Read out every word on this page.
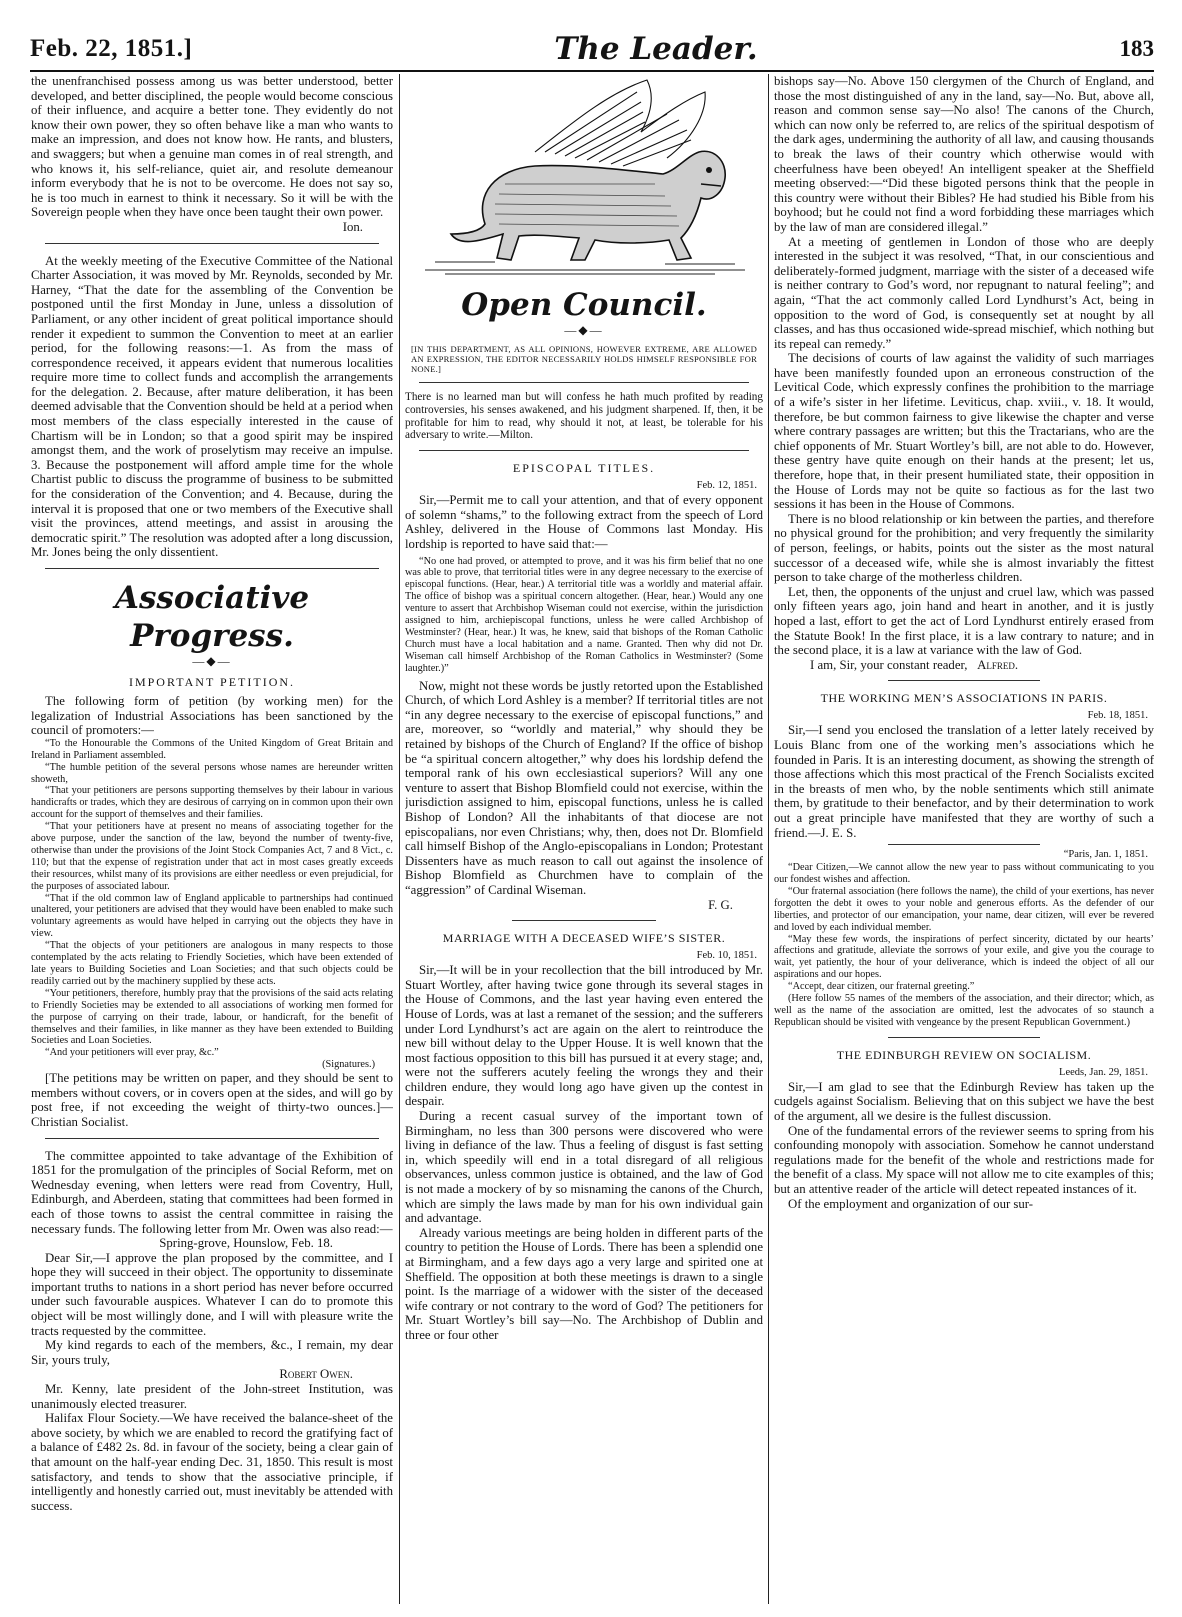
Feb. 22, 1851.]	The Leader.	183

the unenfranchised possess among us was better understood, better developed, and better disciplined, the people would become conscious of their influence, and acquire a better tone. They evidently do not know their own power, they so often behave like a man who wants to make an impression, and does not know how. He rants, and blusters, and swaggers; but when a genuine man comes in of real strength, and who knows it, his self-reliance, quiet air, and resolute demeanour inform everybody that he is not to be overcome. He does not say so, he is too much in earnest to think it necessary. So it will be with the Sovereign people when they have once been taught their own power.

Ion.

At the weekly meeting of the Executive Committee of the National Charter Association, it was moved by Mr. Reynolds, seconded by Mr. Harney, “That the date for the assembling of the Convention be postponed until the first Monday in June, unless a dissolution of Parliament, or any other incident of great political importance should render it expedient to summon the Convention to meet at an earlier period, for the following reasons:—1. As from the mass of correspondence received, it appears evident that numerous localities require more time to collect funds and accomplish the arrangements for the delegation. 2. Because, after mature deliberation, it has been deemed advisable that the Convention should be held at a period when most members of the class especially interested in the cause of Chartism will be in London; so that a good spirit may be inspired amongst them, and the work of proselytism may receive an impulse. 3. Because the postponement will afford ample time for the whole Chartist public to discuss the programme of business to be submitted for the consideration of the Convention; and 4. Because, during the interval it is proposed that one or two members of the Executive shall visit the provinces, attend meetings, and assist in arousing the democratic spirit.” The resolution was adopted after a long discussion, Mr. Jones being the only dissentient.

Associative Progress.
—◆—
IMPORTANT PETITION.

The following form of petition (by working men) for the legalization of Industrial Associations has been sanctioned by the council of promoters:—

“To the Honourable the Commons of the United Kingdom of Great Britain and Ireland in Parliament assembled.

“The humble petition of the several persons whose names are hereunder written showeth,

“That your petitioners are persons supporting themselves by their labour in various handicrafts or trades, which they are desirous of carrying on in common upon their own account for the support of themselves and their families.

“That your petitioners have at present no means of associating together for the above purpose, under the sanction of the law, beyond the number of twenty-five, otherwise than under the provisions of the Joint Stock Companies Act, 7 and 8 Vict., c. 110; but that the expense of registration under that act in most cases greatly exceeds their resources, whilst many of its provisions are either needless or even prejudicial, for the purposes of associated labour.

“That if the old common law of England applicable to partnerships had continued unaltered, your petitioners are advised that they would have been enabled to make such voluntary agreements as would have helped in carrying out the objects they have in view.

“That the objects of your petitioners are analogous in many respects to those contemplated by the acts relating to Friendly Societies, which have been extended of late years to Building Societies and Loan Societies; and that such objects could be readily carried out by the machinery supplied by these acts.

“Your petitioners, therefore, humbly pray that the provisions of the said acts relating to Friendly Societies may be extended to all associations of working men formed for the purpose of carrying on their trade, labour, or handicraft, for the benefit of themselves and their families, in like manner as they have been extended to Building Societies and Loan Societies.

“And your petitioners will ever pray, &c.”

(Signatures.)

[The petitions may be written on paper, and they should be sent to members without covers, or in covers open at the sides, and will go by post free, if not exceeding the weight of thirty-two ounces.]—Christian Socialist.

The committee appointed to take advantage of the Exhibition of 1851 for the promulgation of the principles of Social Reform, met on Wednesday evening, when letters were read from Coventry, Hull, Edinburgh, and Aberdeen, stating that committees had been formed in each of those towns to assist the central committee in raising the necessary funds. The following letter from Mr. Owen was also read:—

Spring-grove, Hounslow, Feb. 18.

Dear Sir,—I approve the plan proposed by the committee, and I hope they will succeed in their object. The opportunity to disseminate important truths to nations in a short period has never before occurred under such favourable auspices. Whatever I can do to promote this object will be most willingly done, and I will with pleasure write the tracts requested by the committee.

My kind regards to each of the members, &c., I remain, my dear Sir, yours truly,

Robert Owen.

Mr. Kenny, late president of the John-street Institution, was unanimously elected treasurer.

Halifax Flour Society.—We have received the balance-sheet of the above society, by which we are enabled to record the gratifying fact of a balance of £482 2s. 8d. in favour of the society, being a clear gain of that amount on the half-year ending Dec. 31, 1850. This result is most satisfactory, and tends to show that the associative principle, if intelligently and honestly carried out, must inevitably be attended with success.

Open Council.
—◆—

[IN THIS DEPARTMENT, AS ALL OPINIONS, HOWEVER EXTREME, ARE ALLOWED AN EXPRESSION, THE EDITOR NECESSARILY HOLDS HIMSELF RESPONSIBLE FOR NONE.]

There is no learned man but will confess he hath much profited by reading controversies, his senses awakened, and his judgment sharpened. If, then, it be profitable for him to read, why should it not, at least, be tolerable for his adversary to write.—Milton.

EPISCOPAL TITLES.

Feb. 12, 1851.

Sir,—Permit me to call your attention, and that of every opponent of solemn “shams,” to the following extract from the speech of Lord Ashley, delivered in the House of Commons last Monday. His lordship is reported to have said that:—

“No one had proved, or attempted to prove, and it was his firm belief that no one was able to prove, that territorial titles were in any degree necessary to the exercise of episcopal functions. (Hear, hear.) A territorial title was a worldly and material affair. The office of bishop was a spiritual concern altogether. (Hear, hear.) Would any one venture to assert that Archbishop Wiseman could not exercise, within the jurisdiction assigned to him, archiepiscopal functions, unless he were called Archbishop of Westminster? (Hear, hear.) It was, he knew, said that bishops of the Roman Catholic Church must have a local habitation and a name. Granted. Then why did not Dr. Wiseman call himself Archbishop of the Roman Catholics in Westminster? (Some laughter.)”

Now, might not these words be justly retorted upon the Established Church, of which Lord Ashley is a member? If territorial titles are not “in any degree necessary to the exercise of episcopal functions,” and are, moreover, so “worldly and material,” why should they be retained by bishops of the Church of England? If the office of bishop be “a spiritual concern altogether,” why does his lordship defend the temporal rank of his own ecclesiastical superiors? Will any one venture to assert that Bishop Blomfield could not exercise, within the jurisdiction assigned to him, episcopal functions, unless he is called Bishop of London? All the inhabitants of that diocese are not episcopalians, nor even Christians; why, then, does not Dr. Blomfield call himself Bishop of the Anglo-episcopalians in London; Protestant Dissenters have as much reason to call out against the insolence of Bishop Blomfield as Churchmen have to complain of the “aggression” of Cardinal Wiseman.

F. G.

MARRIAGE WITH A DECEASED WIFE’S SISTER.

Feb. 10, 1851.

Sir,—It will be in your recollection that the bill introduced by Mr. Stuart Wortley, after having twice gone through its several stages in the House of Commons, and the last year having even entered the House of Lords, was at last a remanet of the session; and the sufferers under Lord Lyndhurst’s act are again on the alert to reintroduce the new bill without delay to the Upper House. It is well known that the most factious opposition to this bill has pursued it at every stage; and, were not the sufferers acutely feeling the wrongs they and their children endure, they would long ago have given up the contest in despair.

During a recent casual survey of the important town of Birmingham, no less than 300 persons were discovered who were living in defiance of the law. Thus a feeling of disgust is fast setting in, which speedily will end in a total disregard of all religious observances, unless common justice is obtained, and the law of God is not made a mockery of by so misnaming the canons of the Church, which are simply the laws made by man for his own individual gain and advantage.

Already various meetings are being holden in different parts of the country to petition the House of Lords. There has been a splendid one at Birmingham, and a few days ago a very large and spirited one at Sheffield. The opposition at both these meetings is drawn to a single point. Is the marriage of a widower with the sister of the deceased wife contrary or not contrary to the word of God? The petitioners for Mr. Stuart Wortley’s bill say—No. The Archbishop of Dublin and three or four other

bishops say—No. Above 150 clergymen of the Church of England, and those the most distinguished of any in the land, say—No. But, above all, reason and common sense say—No also! The canons of the Church, which can now only be referred to, are relics of the spiritual despotism of the dark ages, undermining the authority of all law, and causing thousands to break the laws of their country which otherwise would with cheerfulness have been obeyed! An intelligent speaker at the Sheffield meeting observed:—“Did these bigoted persons think that the people in this country were without their Bibles? He had studied his Bible from his boyhood; but he could not find a word forbidding these marriages which by the law of man are considered illegal.”

At a meeting of gentlemen in London of those who are deeply interested in the subject it was resolved, “That, in our conscientious and deliberately-formed judgment, marriage with the sister of a deceased wife is neither contrary to God’s word, nor repugnant to natural feeling”; and again, “That the act commonly called Lord Lyndhurst’s Act, being in opposition to the word of God, is consequently set at nought by all classes, and has thus occasioned wide-spread mischief, which nothing but its repeal can remedy.”

The decisions of courts of law against the validity of such marriages have been manifestly founded upon an erroneous construction of the Levitical Code, which expressly confines the prohibition to the marriage of a wife’s sister in her lifetime. Leviticus, chap. xviii., v. 18. It would, therefore, be but common fairness to give likewise the chapter and verse where contrary passages are written; but this the Tractarians, who are the chief opponents of Mr. Stuart Wortley’s bill, are not able to do. However, these gentry have quite enough on their hands at the present; let us, therefore, hope that, in their present humiliated state, their opposition in the House of Lords may not be quite so factious as for the last two sessions it has been in the House of Commons.

There is no blood relationship or kin between the parties, and therefore no physical ground for the prohibition; and very frequently the similarity of person, feelings, or habits, points out the sister as the most natural successor of a deceased wife, while she is almost invariably the fittest person to take charge of the motherless children.

Let, then, the opponents of the unjust and cruel law, which was passed only fifteen years ago, join hand and heart in another, and it is justly hoped a last, effort to get the act of Lord Lyndhurst entirely erased from the Statute Book! In the first place, it is a law contrary to nature; and in the second place, it is a law at variance with the law of God.

I am, Sir, your constant reader, Alfred.

THE WORKING MEN’S ASSOCIATIONS IN PARIS.

Feb. 18, 1851.

Sir,—I send you enclosed the translation of a letter lately received by Louis Blanc from one of the working men’s associations which he founded in Paris. It is an interesting document, as showing the strength of those affections which this most practical of the French Socialists excited in the breasts of men who, by the noble sentiments which still animate them, by gratitude to their benefactor, and by their determination to work out a great principle have manifested that they are worthy of such a friend.—J. E. S.

“Paris, Jan. 1, 1851.

“Dear Citizen,—We cannot allow the new year to pass without communicating to you our fondest wishes and affection.

“Our fraternal association (here follows the name), the child of your exertions, has never forgotten the debt it owes to your noble and generous efforts. As the defender of our liberties, and protector of our emancipation, your name, dear citizen, will ever be revered and loved by each individual member.

“May these few words, the inspirations of perfect sincerity, dictated by our hearts’ affections and gratitude, alleviate the sorrows of your exile, and give you the courage to wait, yet patiently, the hour of your deliverance, which is indeed the object of all our aspirations and our hopes.

“Accept, dear citizen, our fraternal greeting.”

(Here follow 55 names of the members of the association, and their director; which, as well as the name of the association are omitted, lest the advocates of so staunch a Republican should be visited with vengeance by the present Republican Government.)

THE EDINBURGH REVIEW ON SOCIALISM.

Leeds, Jan. 29, 1851.

Sir,—I am glad to see that the Edinburgh Review has taken up the cudgels against Socialism. Believing that on this subject we have the best of the argument, all we desire is the fullest discussion.

One of the fundamental errors of the reviewer seems to spring from his confounding monopoly with association. Somehow he cannot understand regulations made for the benefit of the whole and restrictions made for the benefit of a class. My space will not allow me to cite examples of this; but an attentive reader of the article will detect repeated instances of it.

Of the employment and organization of our sur-
